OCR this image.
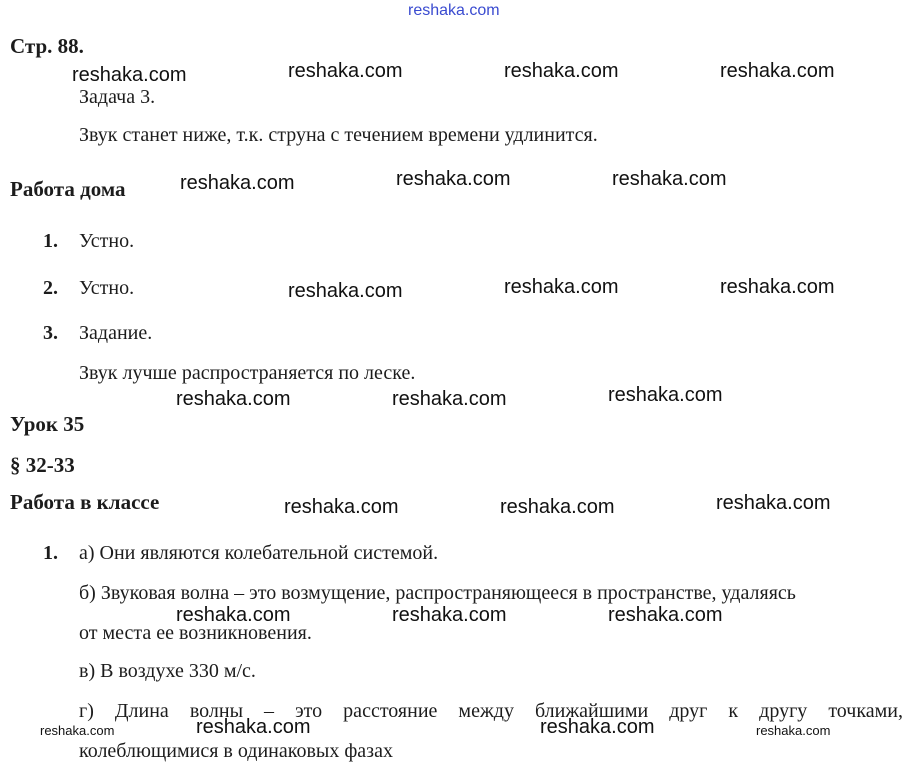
reshaka.com
Стр. 88.
reshaka.com	reshaka.com	reshaka.com	reshaka.com
Задача 3.
Звук станет ниже, т.к. струна с течением времени удлинится.
Работа дома	reshaka.com	reshaka.com	reshaka.com
1. Устно.
2. Устно.	reshaka.com	reshaka.com	reshaka.com
3. Задание.
Звук лучше распространяется по леске.
reshaka.com	reshaka.com	reshaka.com
Урок 35
§ 32-33
Работа в классе	reshaka.com	reshaka.com	reshaka.com
1. а) Они являются колебательной системой.
б) Звуковая волна – это возмущение, распространяющееся в пространстве, удаляясь
reshaka.com	reshaka.com	reshaka.com
от места ее возникновения.
в) В воздухе 330 м/с.
г) Длина волны – это расстояние между ближайшими друг к другу точками,
reshaka.com	reshaka.com	reshaka.com	reshaka.com
колеблющимися в одинаковых фазах
